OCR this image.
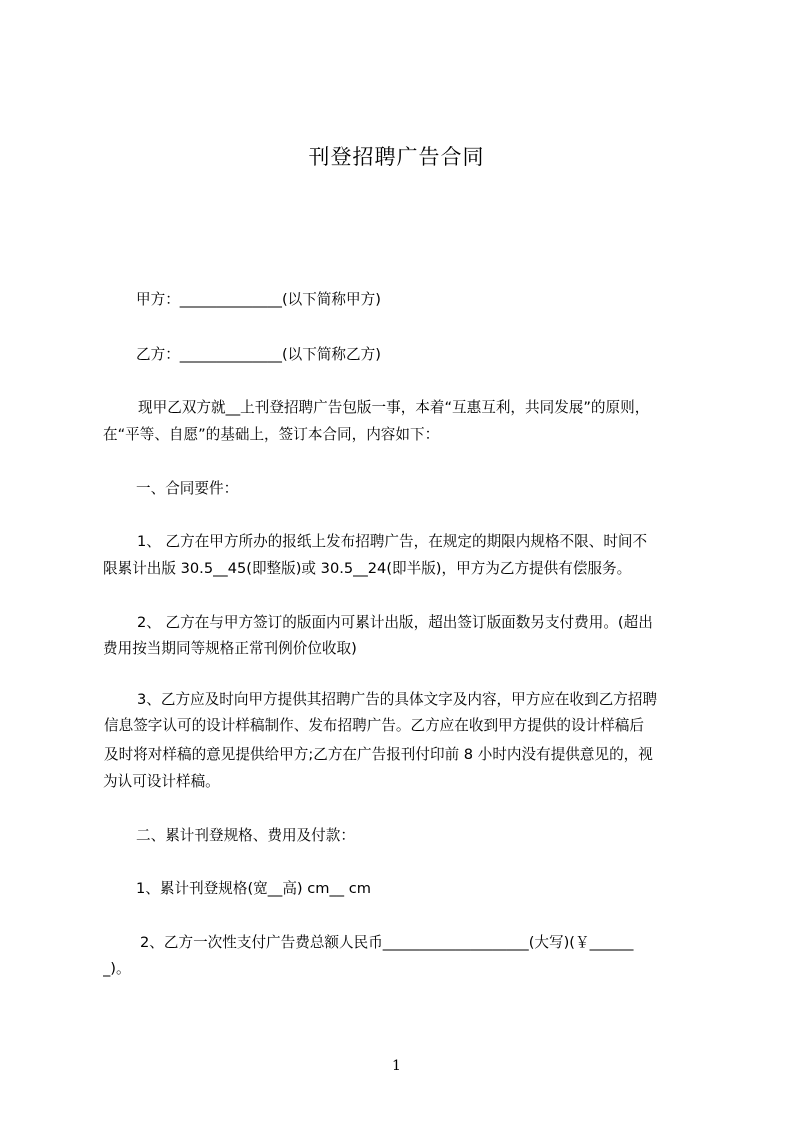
刊登招聘广告合同
甲方：______________(以下简称甲方)
乙方：______________(以下简称乙方)
现甲乙双方就__上刊登招聘广告包版一事，本着“互惠互利，共同发展”的原则，
在“平等、自愿”的基础上，签订本合同，内容如下：
一、合同要件：
1、 乙方在甲方所办的报纸上发布招聘广告，在规定的期限内规格不限、时间不
限累计出版 30.5__45(即整版)或 30.5__24(即半版)，甲方为乙方提供有偿服务。
2、 乙方在与甲方签订的版面内可累计出版，超出签订版面数另支付费用。(超出
费用按当期同等规格正常刊例价位收取)
3、乙方应及时向甲方提供其招聘广告的具体文字及内容，甲方应在收到乙方招聘
信息签字认可的设计样稿制作、发布招聘广告。乙方应在收到甲方提供的设计样稿后
及时将对样稿的意见提供给甲方;乙方在广告报刊付印前 8 小时内没有提供意见的，视
为认可设计样稿。
二、累计刊登规格、费用及付款：
1、累计刊登规格(宽__高) cm__ cm
2、乙方一次性支付广告费总额人民币____________________(大写)(￥______
_)。
1
